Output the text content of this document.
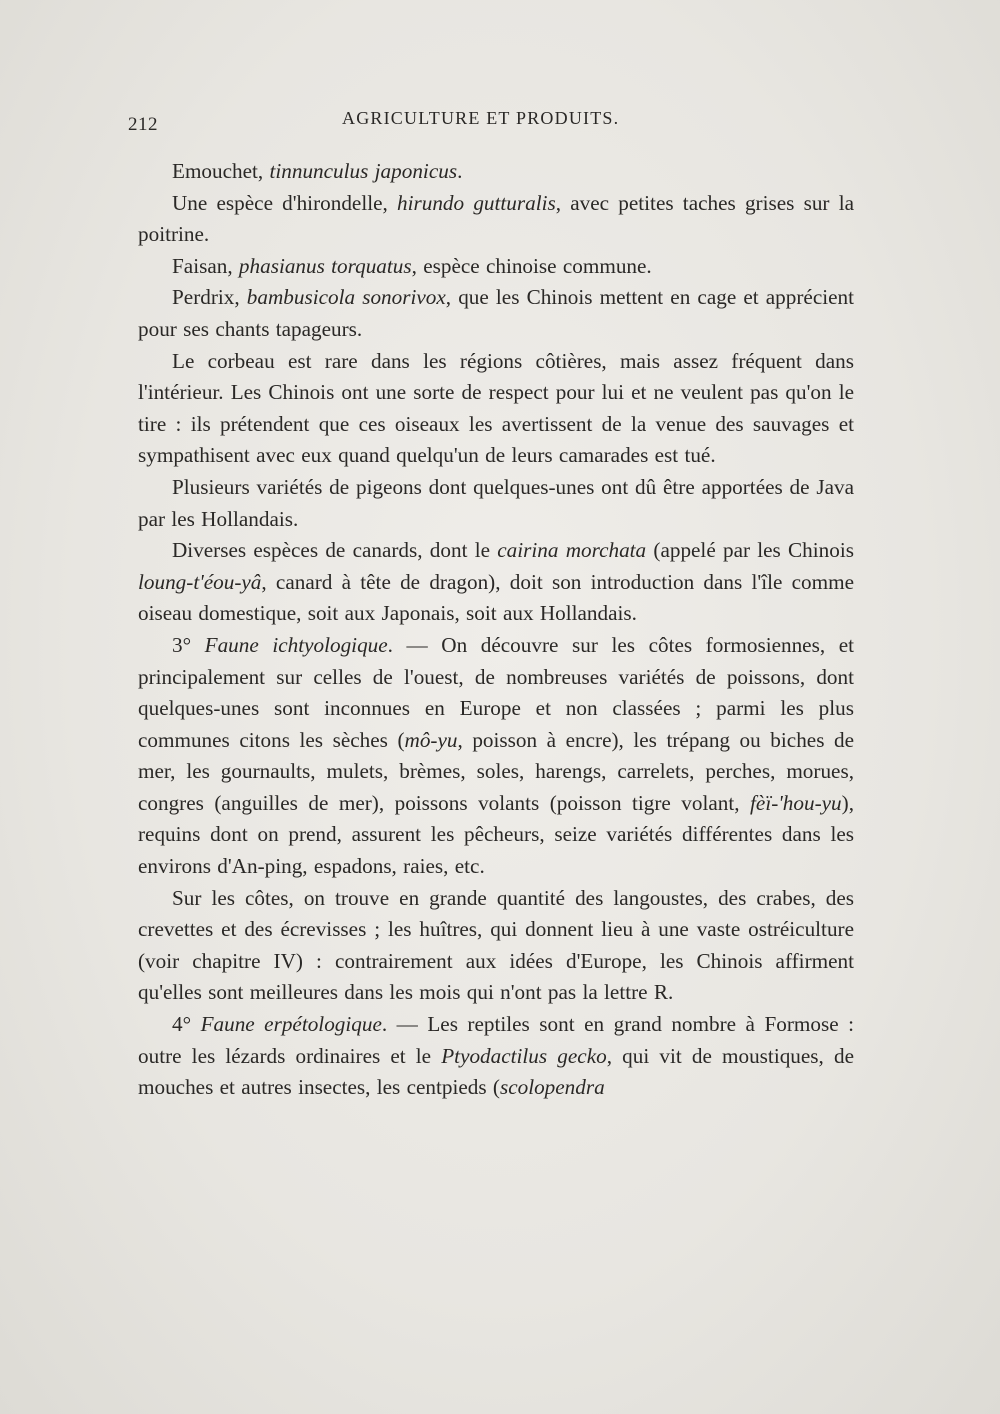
212	AGRICULTURE ET PRODUITS.

Emouchet, tinnunculus japonicus.

Une espèce d'hirondelle, hirundo gutturalis, avec petites taches grises sur la poitrine.

Faisan, phasianus torquatus, espèce chinoise commune.

Perdrix, bambusicola sonorivox, que les Chinois mettent en cage et apprécient pour ses chants tapageurs.

Le corbeau est rare dans les régions côtières, mais assez fréquent dans l'intérieur. Les Chinois ont une sorte de respect pour lui et ne veulent pas qu'on le tire : ils prétendent que ces oiseaux les avertissent de la venue des sauvages et sympathisent avec eux quand quelqu'un de leurs camarades est tué.

Plusieurs variétés de pigeons dont quelques-unes ont dû être apportées de Java par les Hollandais.

Diverses espèces de canards, dont le cairina morchata (appelé par les Chinois loung-t'éou-yâ, canard à tête de dragon), doit son introduction dans l'île comme oiseau domestique, soit aux Japonais, soit aux Hollandais.

3° Faune ichtyologique. — On découvre sur les côtes formosiennes, et principalement sur celles de l'ouest, de nombreuses variétés de poissons, dont quelques-unes sont inconnues en Europe et non classées ; parmi les plus communes citons les sèches (mô-yu, poisson à encre), les trépang ou biches de mer, les gournaults, mulets, brèmes, soles, harengs, carrelets, perches, morues, congres (anguilles de mer), poissons volants (poisson tigre volant, fèï-'hou-yu), requins dont on prend, assurent les pêcheurs, seize variétés différentes dans les environs d'An-ping, espadons, raies, etc.

Sur les côtes, on trouve en grande quantité des langoustes, des crabes, des crevettes et des écrevisses ; les huîtres, qui donnent lieu à une vaste ostréiculture (voir chapitre IV) : contrairement aux idées d'Europe, les Chinois affirment qu'elles sont meilleures dans les mois qui n'ont pas la lettre R.

4° Faune erpétologique. — Les reptiles sont en grand nombre à Formose : outre les lézards ordinaires et le Ptyodactilus gecko, qui vit de moustiques, de mouches et autres insectes, les centpieds (scolopendra
